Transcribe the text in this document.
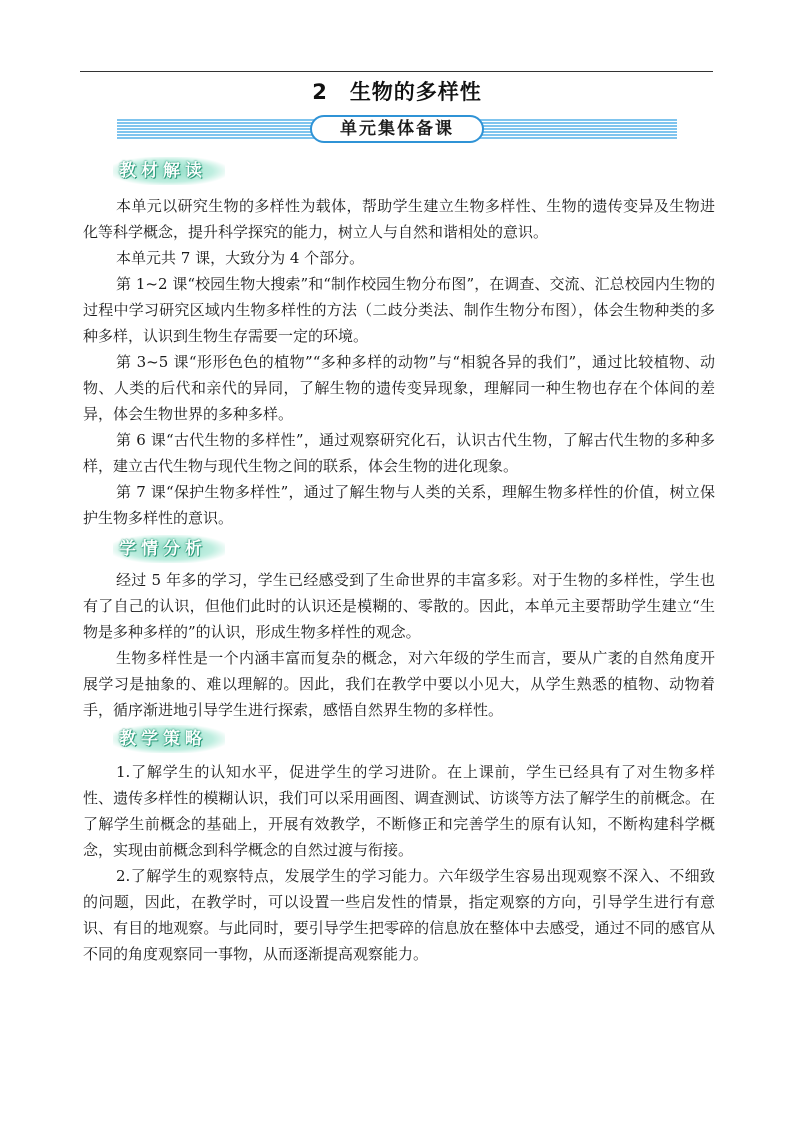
2 生物的多样性
单元集体备课
教材解读

本单元以研究生物的多样性为载体，帮助学生建立生物多样性、生物的遗传变异及生物进化等科学概念，提升科学探究的能力，树立人与自然和谐相处的意识。

本单元共 7 课，大致分为 4 个部分。

第 1~2 课“校园生物大搜索”和“制作校园生物分布图”，在调查、交流、汇总校园内生物的过程中学习研究区域内生物多样性的方法（二歧分类法、制作生物分布图），体会生物种类的多种多样，认识到生物生存需要一定的环境。

第 3~5 课“形形色色的植物”“多种多样的动物”与“相貌各异的我们”，通过比较植物、动物、人类的后代和亲代的异同，了解生物的遗传变异现象，理解同一种生物也存在个体间的差异，体会生物世界的多种多样。

第 6 课“古代生物的多样性”，通过观察研究化石，认识古代生物，了解古代生物的多种多样，建立古代生物与现代生物之间的联系，体会生物的进化现象。

第 7 课“保护生物多样性”，通过了解生物与人类的关系，理解生物多样性的价值，树立保护生物多样性的意识。

学情分析

经过 5 年多的学习，学生已经感受到了生命世界的丰富多彩。对于生物的多样性，学生也有了自己的认识，但他们此时的认识还是模糊的、零散的。因此，本单元主要帮助学生建立“生物是多种多样的”的认识，形成生物多样性的观念。

生物多样性是一个内涵丰富而复杂的概念，对六年级的学生而言，要从广袤的自然角度开展学习是抽象的、难以理解的。因此，我们在教学中要以小见大，从学生熟悉的植物、动物着手，循序渐进地引导学生进行探索，感悟自然界生物的多样性。

教学策略

1.了解学生的认知水平，促进学生的学习进阶。在上课前，学生已经具有了对生物多样性、遗传多样性的模糊认识，我们可以采用画图、调查测试、访谈等方法了解学生的前概念。在了解学生前概念的基础上，开展有效教学，不断修正和完善学生的原有认知，不断构建科学概念，实现由前概念到科学概念的自然过渡与衔接。

2.了解学生的观察特点，发展学生的学习能力。六年级学生容易出现观察不深入、不细致的问题，因此，在教学时，可以设置一些启发性的情景，指定观察的方向，引导学生进行有意识、有目的地观察。与此同时，要引导学生把零碎的信息放在整体中去感受，通过不同的感官从不同的角度观察同一事物，从而逐渐提高观察能力。
